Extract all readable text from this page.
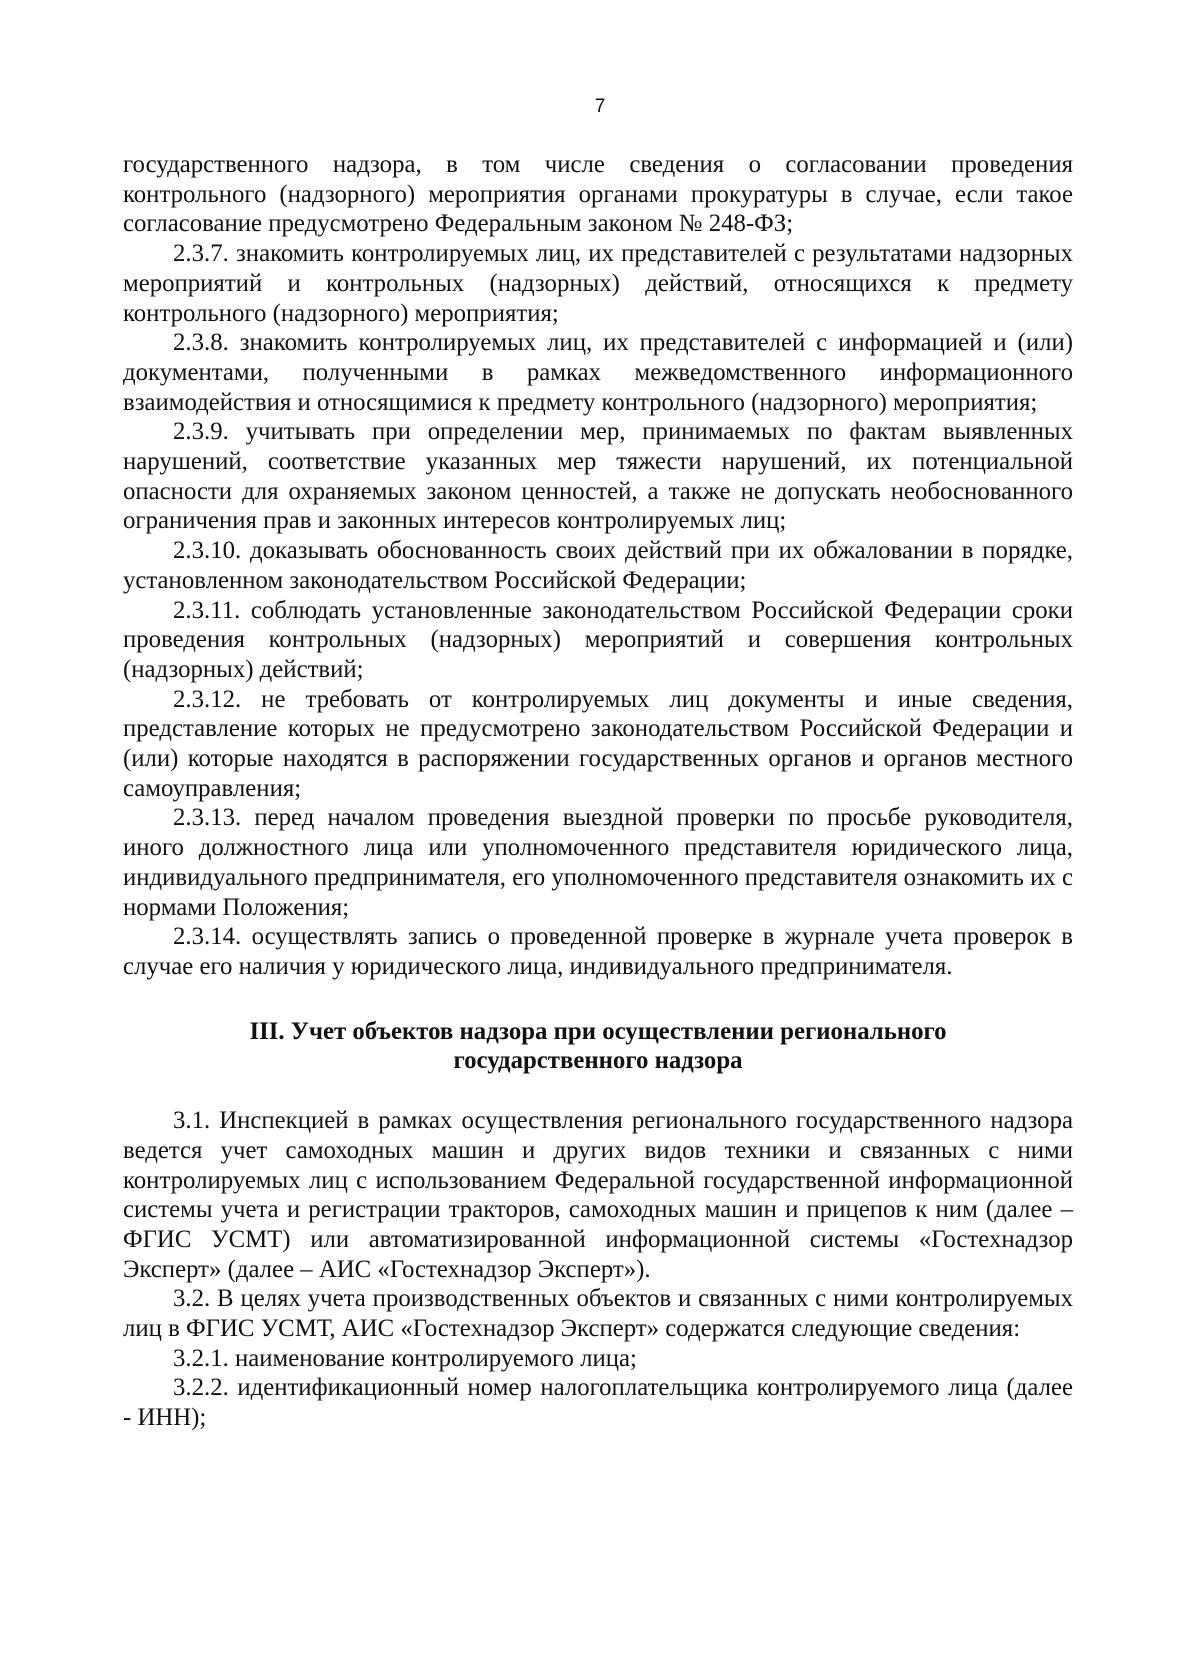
7

государственного надзора, в том числе сведения о согласовании проведения контрольного (надзорного) мероприятия органами прокуратуры в случае, если такое согласование предусмотрено Федеральным законом № 248-ФЗ;

2.3.7. знакомить контролируемых лиц, их представителей с результатами надзорных мероприятий и контрольных (надзорных) действий, относящихся к предмету контрольного (надзорного) мероприятия;

2.3.8. знакомить контролируемых лиц, их представителей с информацией и (или) документами, полученными в рамках межведомственного информационного взаимодействия и относящимися к предмету контрольного (надзорного) мероприятия;

2.3.9. учитывать при определении мер, принимаемых по фактам выявленных нарушений, соответствие указанных мер тяжести нарушений, их потенциальной опасности для охраняемых законом ценностей, а также не допускать необоснованного ограничения прав и законных интересов контролируемых лиц;

2.3.10. доказывать обоснованность своих действий при их обжаловании в порядке, установленном законодательством Российской Федерации;

2.3.11. соблюдать установленные законодательством Российской Федерации сроки проведения контрольных (надзорных) мероприятий и совершения контрольных (надзорных) действий;

2.3.12. не требовать от контролируемых лиц документы и иные сведения, представление которых не предусмотрено законодательством Российской Федерации и (или) которые находятся в распоряжении государственных органов и органов местного самоуправления;

2.3.13. перед началом проведения выездной проверки по просьбе руководителя, иного должностного лица или уполномоченного представителя юридического лица, индивидуального предпринимателя, его уполномоченного представителя ознакомить их с нормами Положения;

2.3.14. осуществлять запись о проведенной проверке в журнале учета проверок в случае его наличия у юридического лица, индивидуального предпринимателя.

III. Учет объектов надзора при осуществлении регионального
государственного надзора

3.1. Инспекцией в рамках осуществления регионального государственного надзора ведется учет самоходных машин и других видов техники и связанных с ними контролируемых лиц с использованием Федеральной государственной информационной системы учета и регистрации тракторов, самоходных машин и прицепов к ним (далее – ФГИС УСМТ) или автоматизированной информационной системы «Гостехнадзор Эксперт» (далее – АИС «Гостехнадзор Эксперт»).

3.2. В целях учета производственных объектов и связанных с ними контролируемых лиц в ФГИС УСМТ, АИС «Гостехнадзор Эксперт» содержатся следующие сведения:

3.2.1. наименование контролируемого лица;

3.2.2. идентификационный номер налогоплательщика контролируемого лица (далее - ИНН);
